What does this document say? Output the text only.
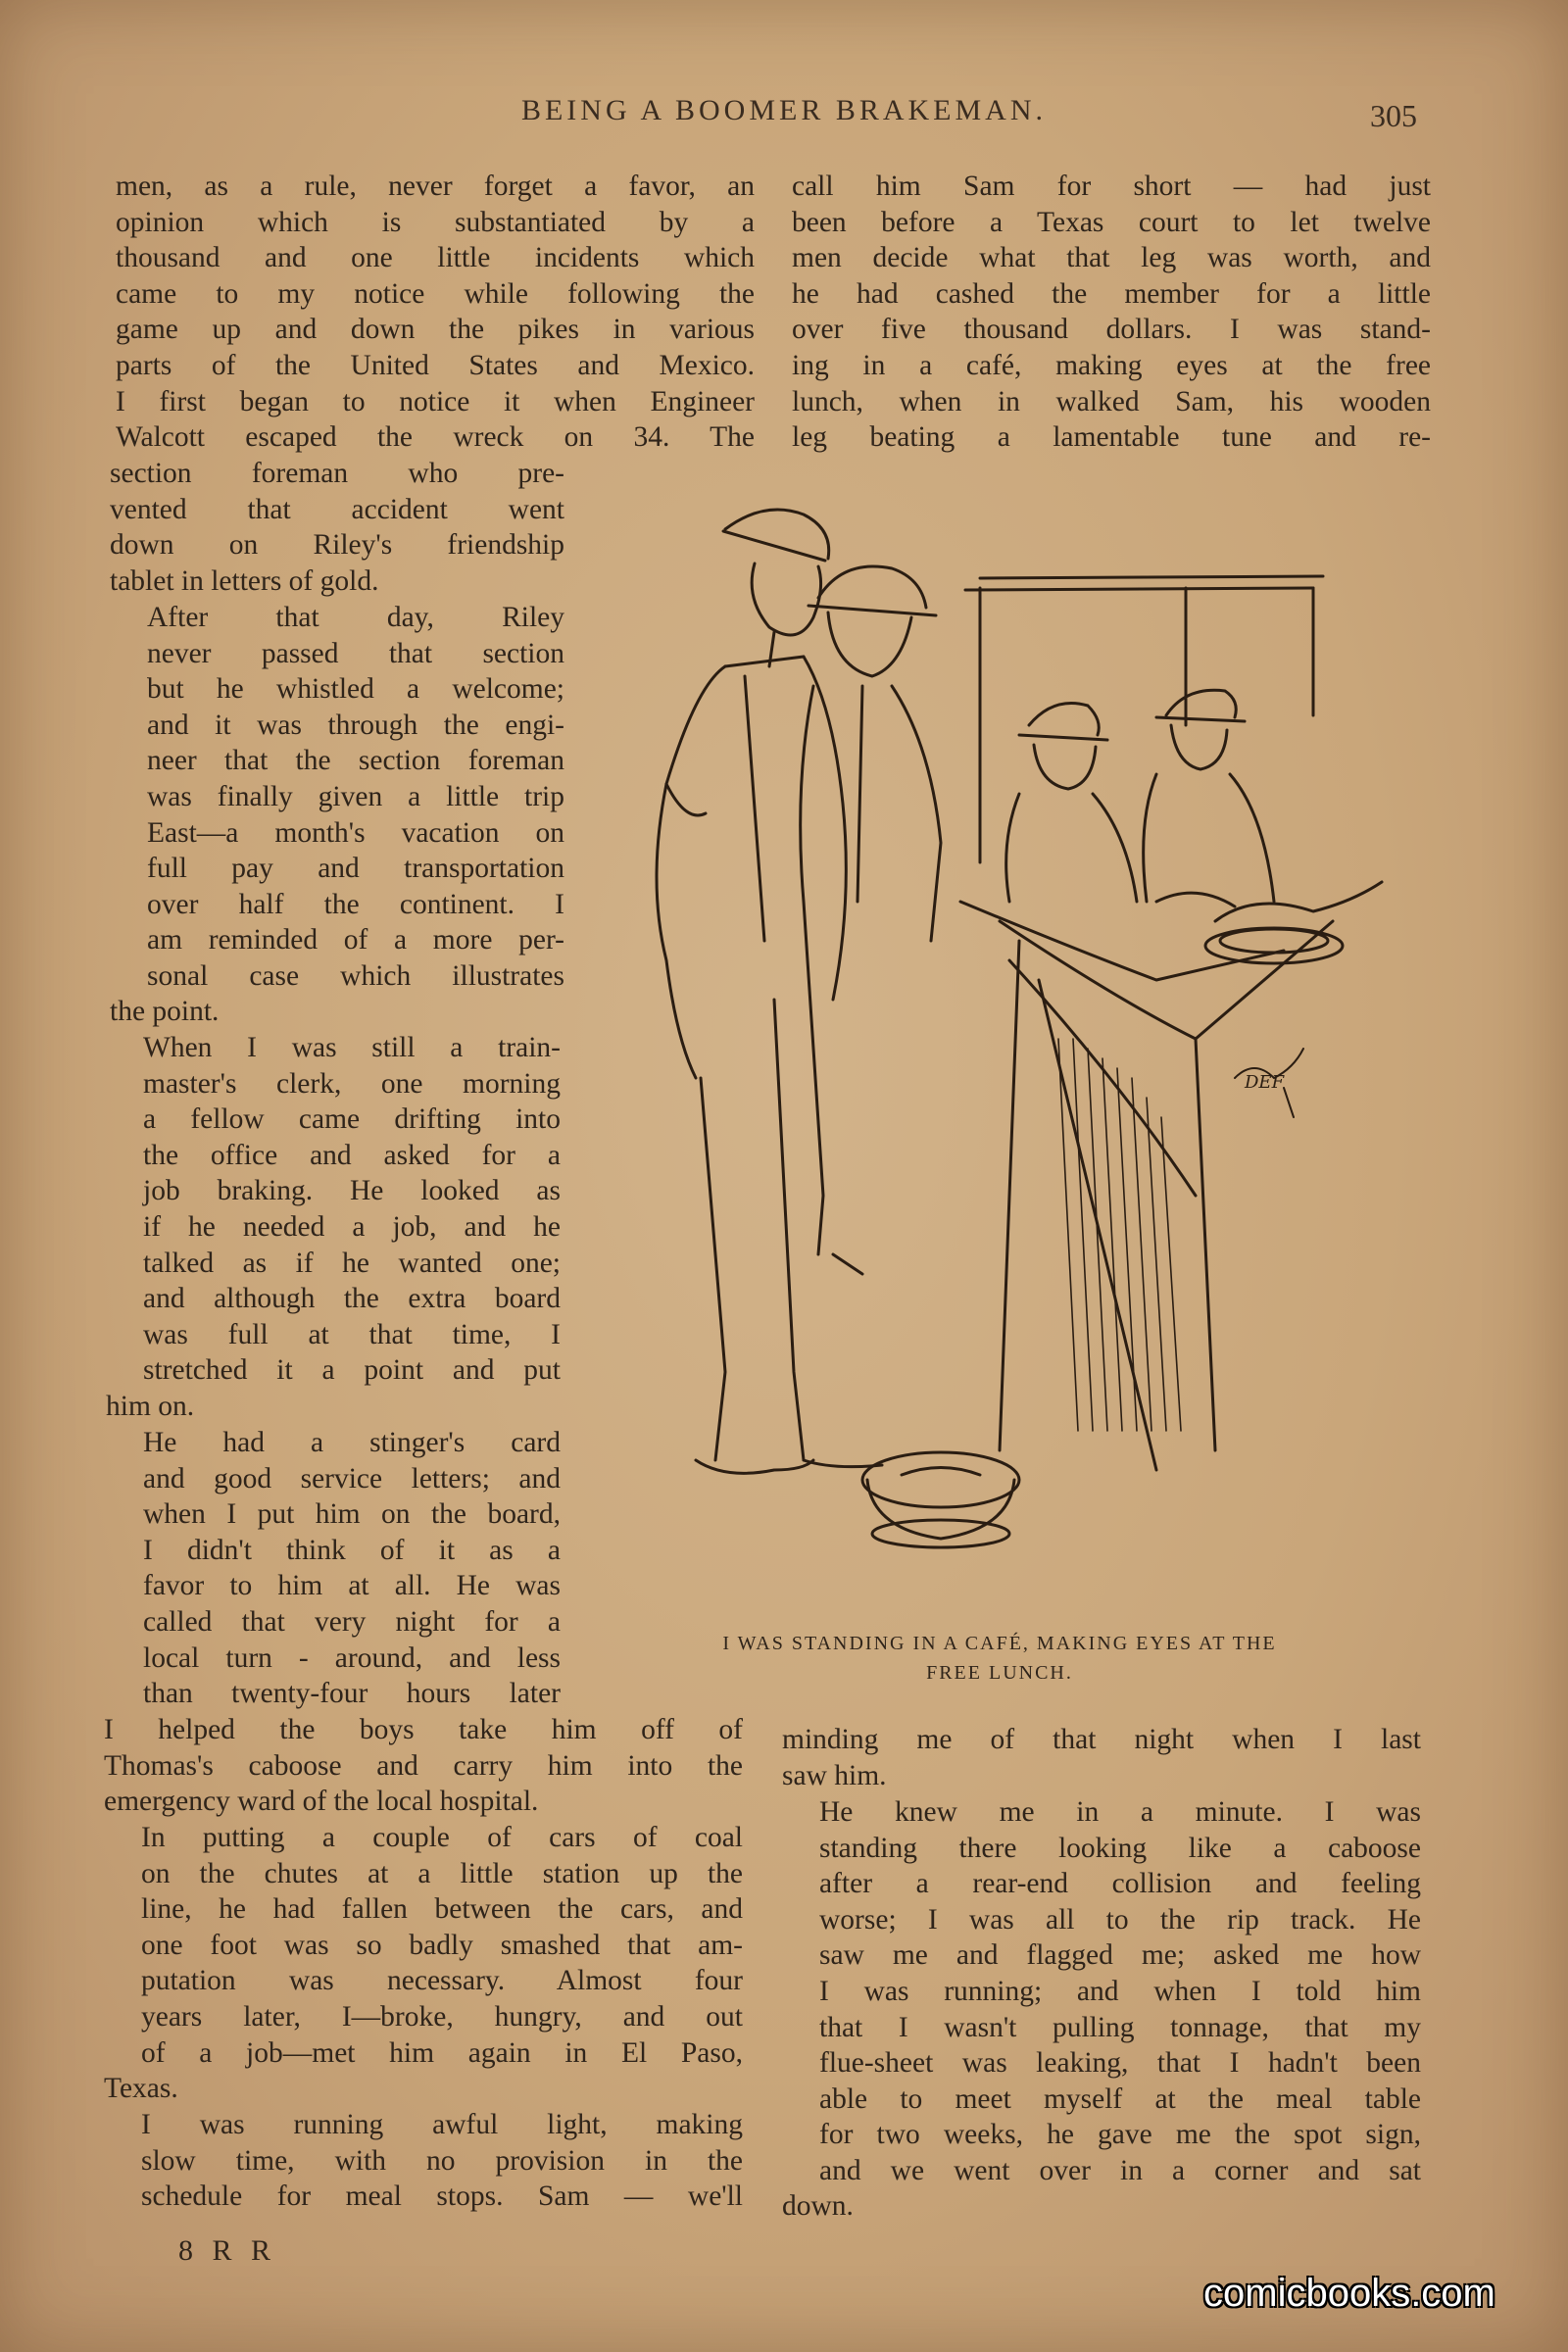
BEING A BOOMER BRAKEMAN.	305
men, as a rule, never forget a favor, an
opinion which is substantiated by a
thousand and one little incidents which
came to my notice while following the
game up and down the pikes in various
parts of the United States and Mexico.
I first began to notice it when Engineer
Walcott escaped the wreck on 34. The
section foreman who pre-
vented that accident went
down on Riley's friendship
tablet in letters of gold.
After that day, Riley
never passed that section
but he whistled a welcome;
and it was through the engi-
neer that the section foreman
was finally given a little trip
East—a month's vacation on
full pay and transportation
over half the continent. I
am reminded of a more per-
sonal case which illustrates
the point.
When I was still a train-
master's clerk, one morning
a fellow came drifting into
the office and asked for a
job braking. He looked as
if he needed a job, and he
talked as if he wanted one;
and although the extra board
was full at that time, I
stretched it a point and put
him on.
He had a stinger's card
and good service letters; and
when I put him on the board,
I didn't think of it as a
favor to him at all. He was
called that very night for a
local turn - around, and less
than twenty-four hours later
I helped the boys take him off of
Thomas's caboose and carry him into the
emergency ward of the local hospital.
In putting a couple of cars of coal
on the chutes at a little station up the
line, he had fallen between the cars, and
one foot was so badly smashed that am-
putation was necessary. Almost four
years later, I—broke, hungry, and out
of a job—met him again in El Paso,
Texas.
I was running awful light, making
slow time, with no provision in the
schedule for meal stops. Sam — we'll
call him Sam for short — had just
been before a Texas court to let twelve
men decide what that leg was worth, and
he had cashed the member for a little
over five thousand dollars. I was stand-
ing in a café, making eyes at the free
lunch, when in walked Sam, his wooden
leg beating a lamentable tune and re-
minding me of that night when I last
saw him.
He knew me in a minute. I was
standing there looking like a caboose
after a rear-end collision and feeling
worse; I was all to the rip track. He
saw me and flagged me; asked me how
I was running; and when I told him
that I wasn't pulling tonnage, that my
flue-sheet was leaking, that I hadn't been
able to meet myself at the meal table
for two weeks, he gave me the spot sign,
and we went over in a corner and sat
down.
DEF
I WAS STANDING IN A CAFÉ, MAKING EYES AT THE
FREE LUNCH.
8 R R
comicbooks.com
